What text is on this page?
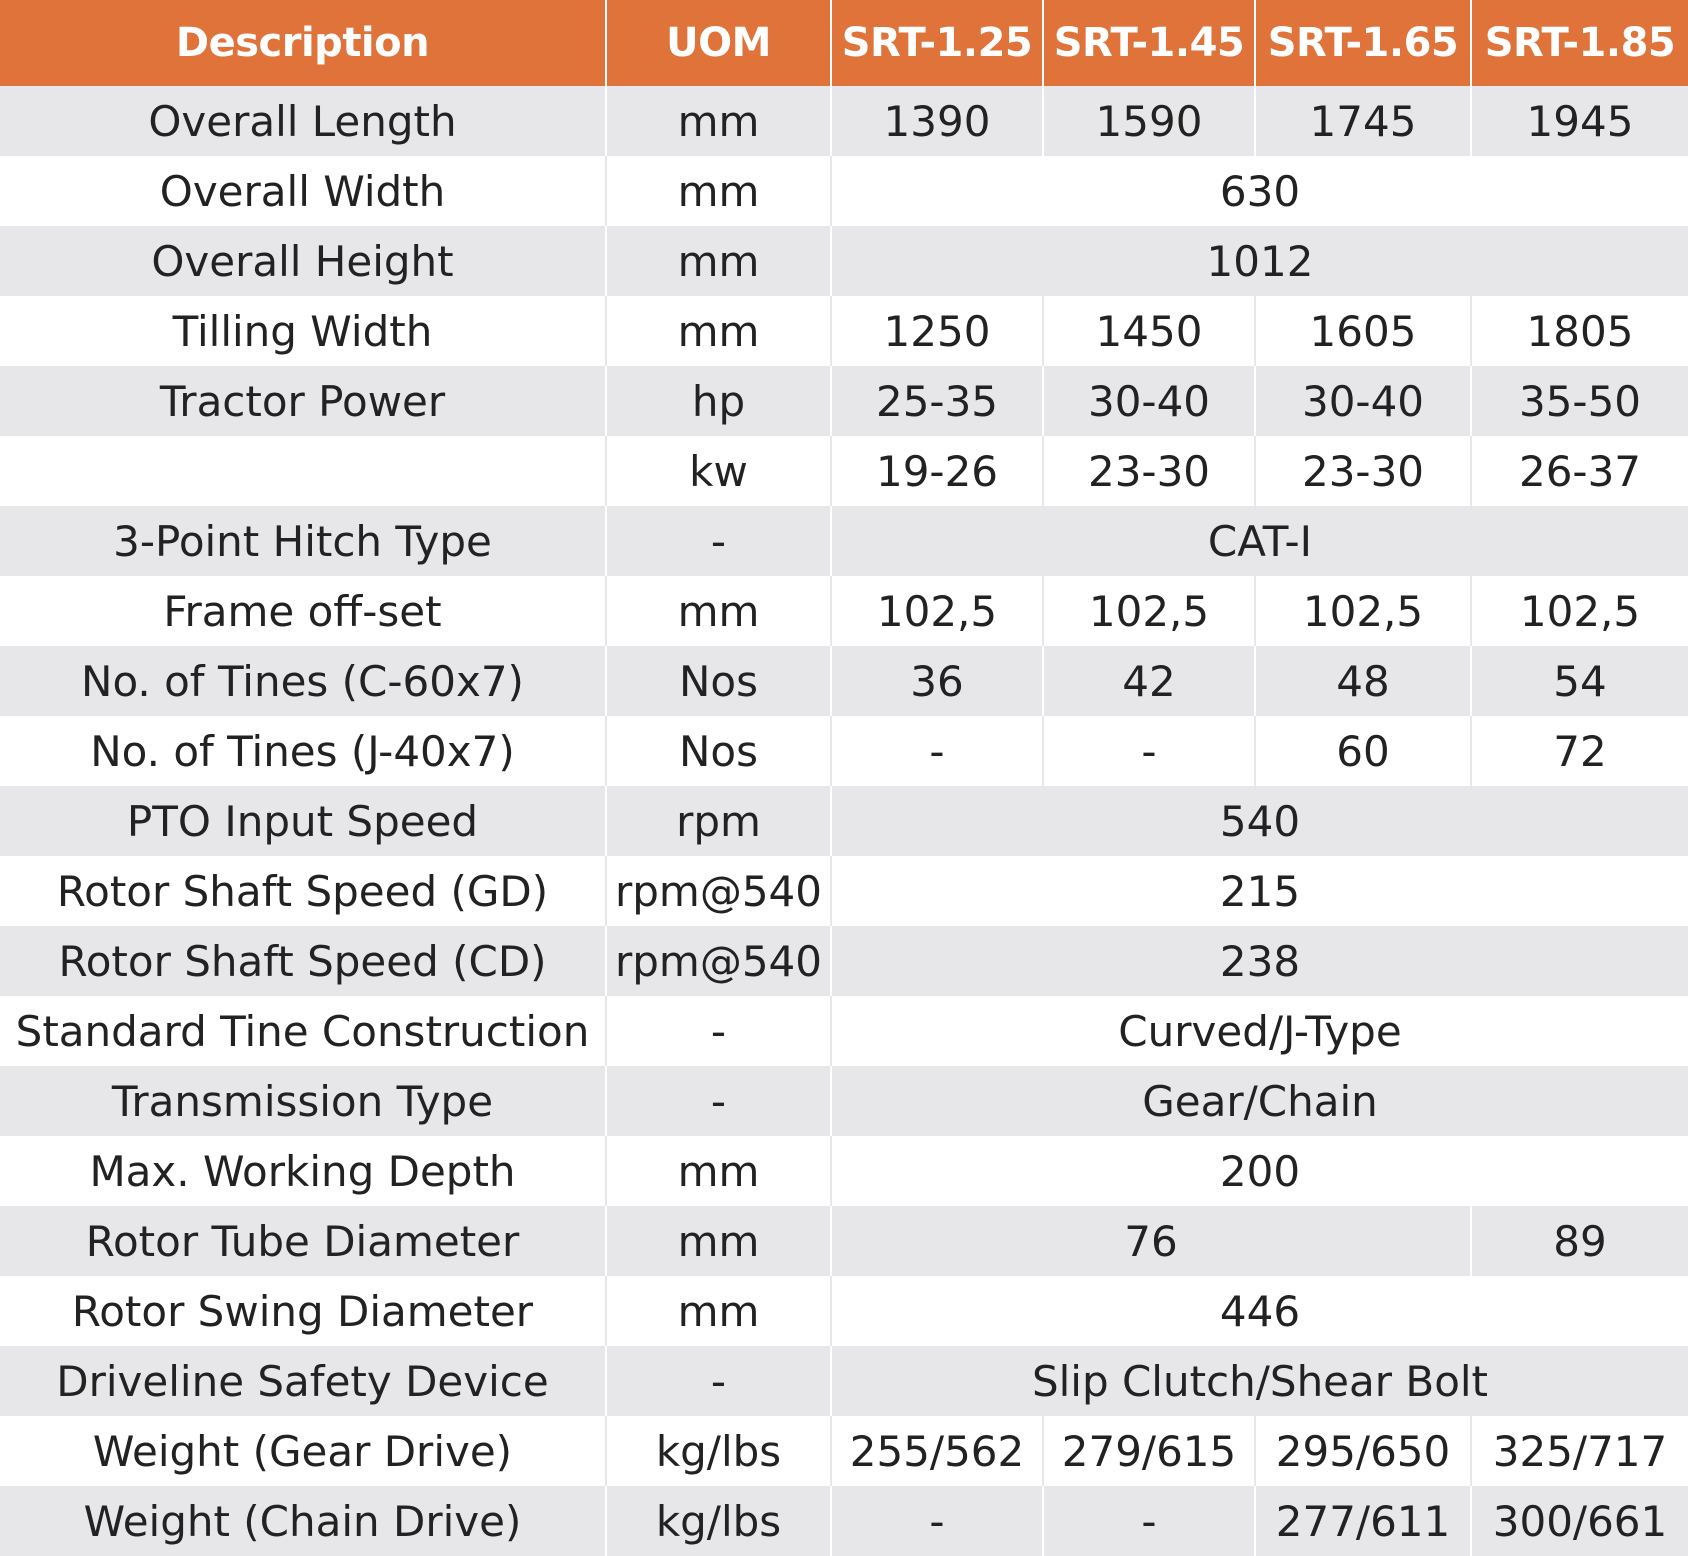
Description	UOM	SRT-1.25	SRT-1.45	SRT-1.65	SRT-1.85
Overall Length	mm	1390	1590	1745	1945
Overall Width	mm	630			
Overall Height	mm	1012			
Tilling Width	mm	1250	1450	1605	1805
Tractor Power	hp	25-35	30-40	30-40	35-50
	kw	19-26	23-30	23-30	26-37
3-Point Hitch Type	-	CAT-I			
Frame off-set	mm	102,5	102,5	102,5	102,5
No. of Tines (C-60x7)	Nos	36	42	48	54
No. of Tines (J-40x7)	Nos	-	-	60	72
PTO Input Speed	rpm	540			
Rotor Shaft Speed (GD)	rpm@540	215			
Rotor Shaft Speed (CD)	rpm@540	238			
Standard Tine Construction	-	Curved/J-Type			
Transmission Type	-	Gear/Chain			
Max. Working Depth	mm	200			
Rotor Tube Diameter	mm	76			89
Rotor Swing Diameter	mm	446			
Driveline Safety Device	-	Slip Clutch/Shear Bolt			
Weight (Gear Drive)	kg/lbs	255/562	279/615	295/650	325/717
Weight (Chain Drive)	kg/lbs	-	-	277/611	300/661
